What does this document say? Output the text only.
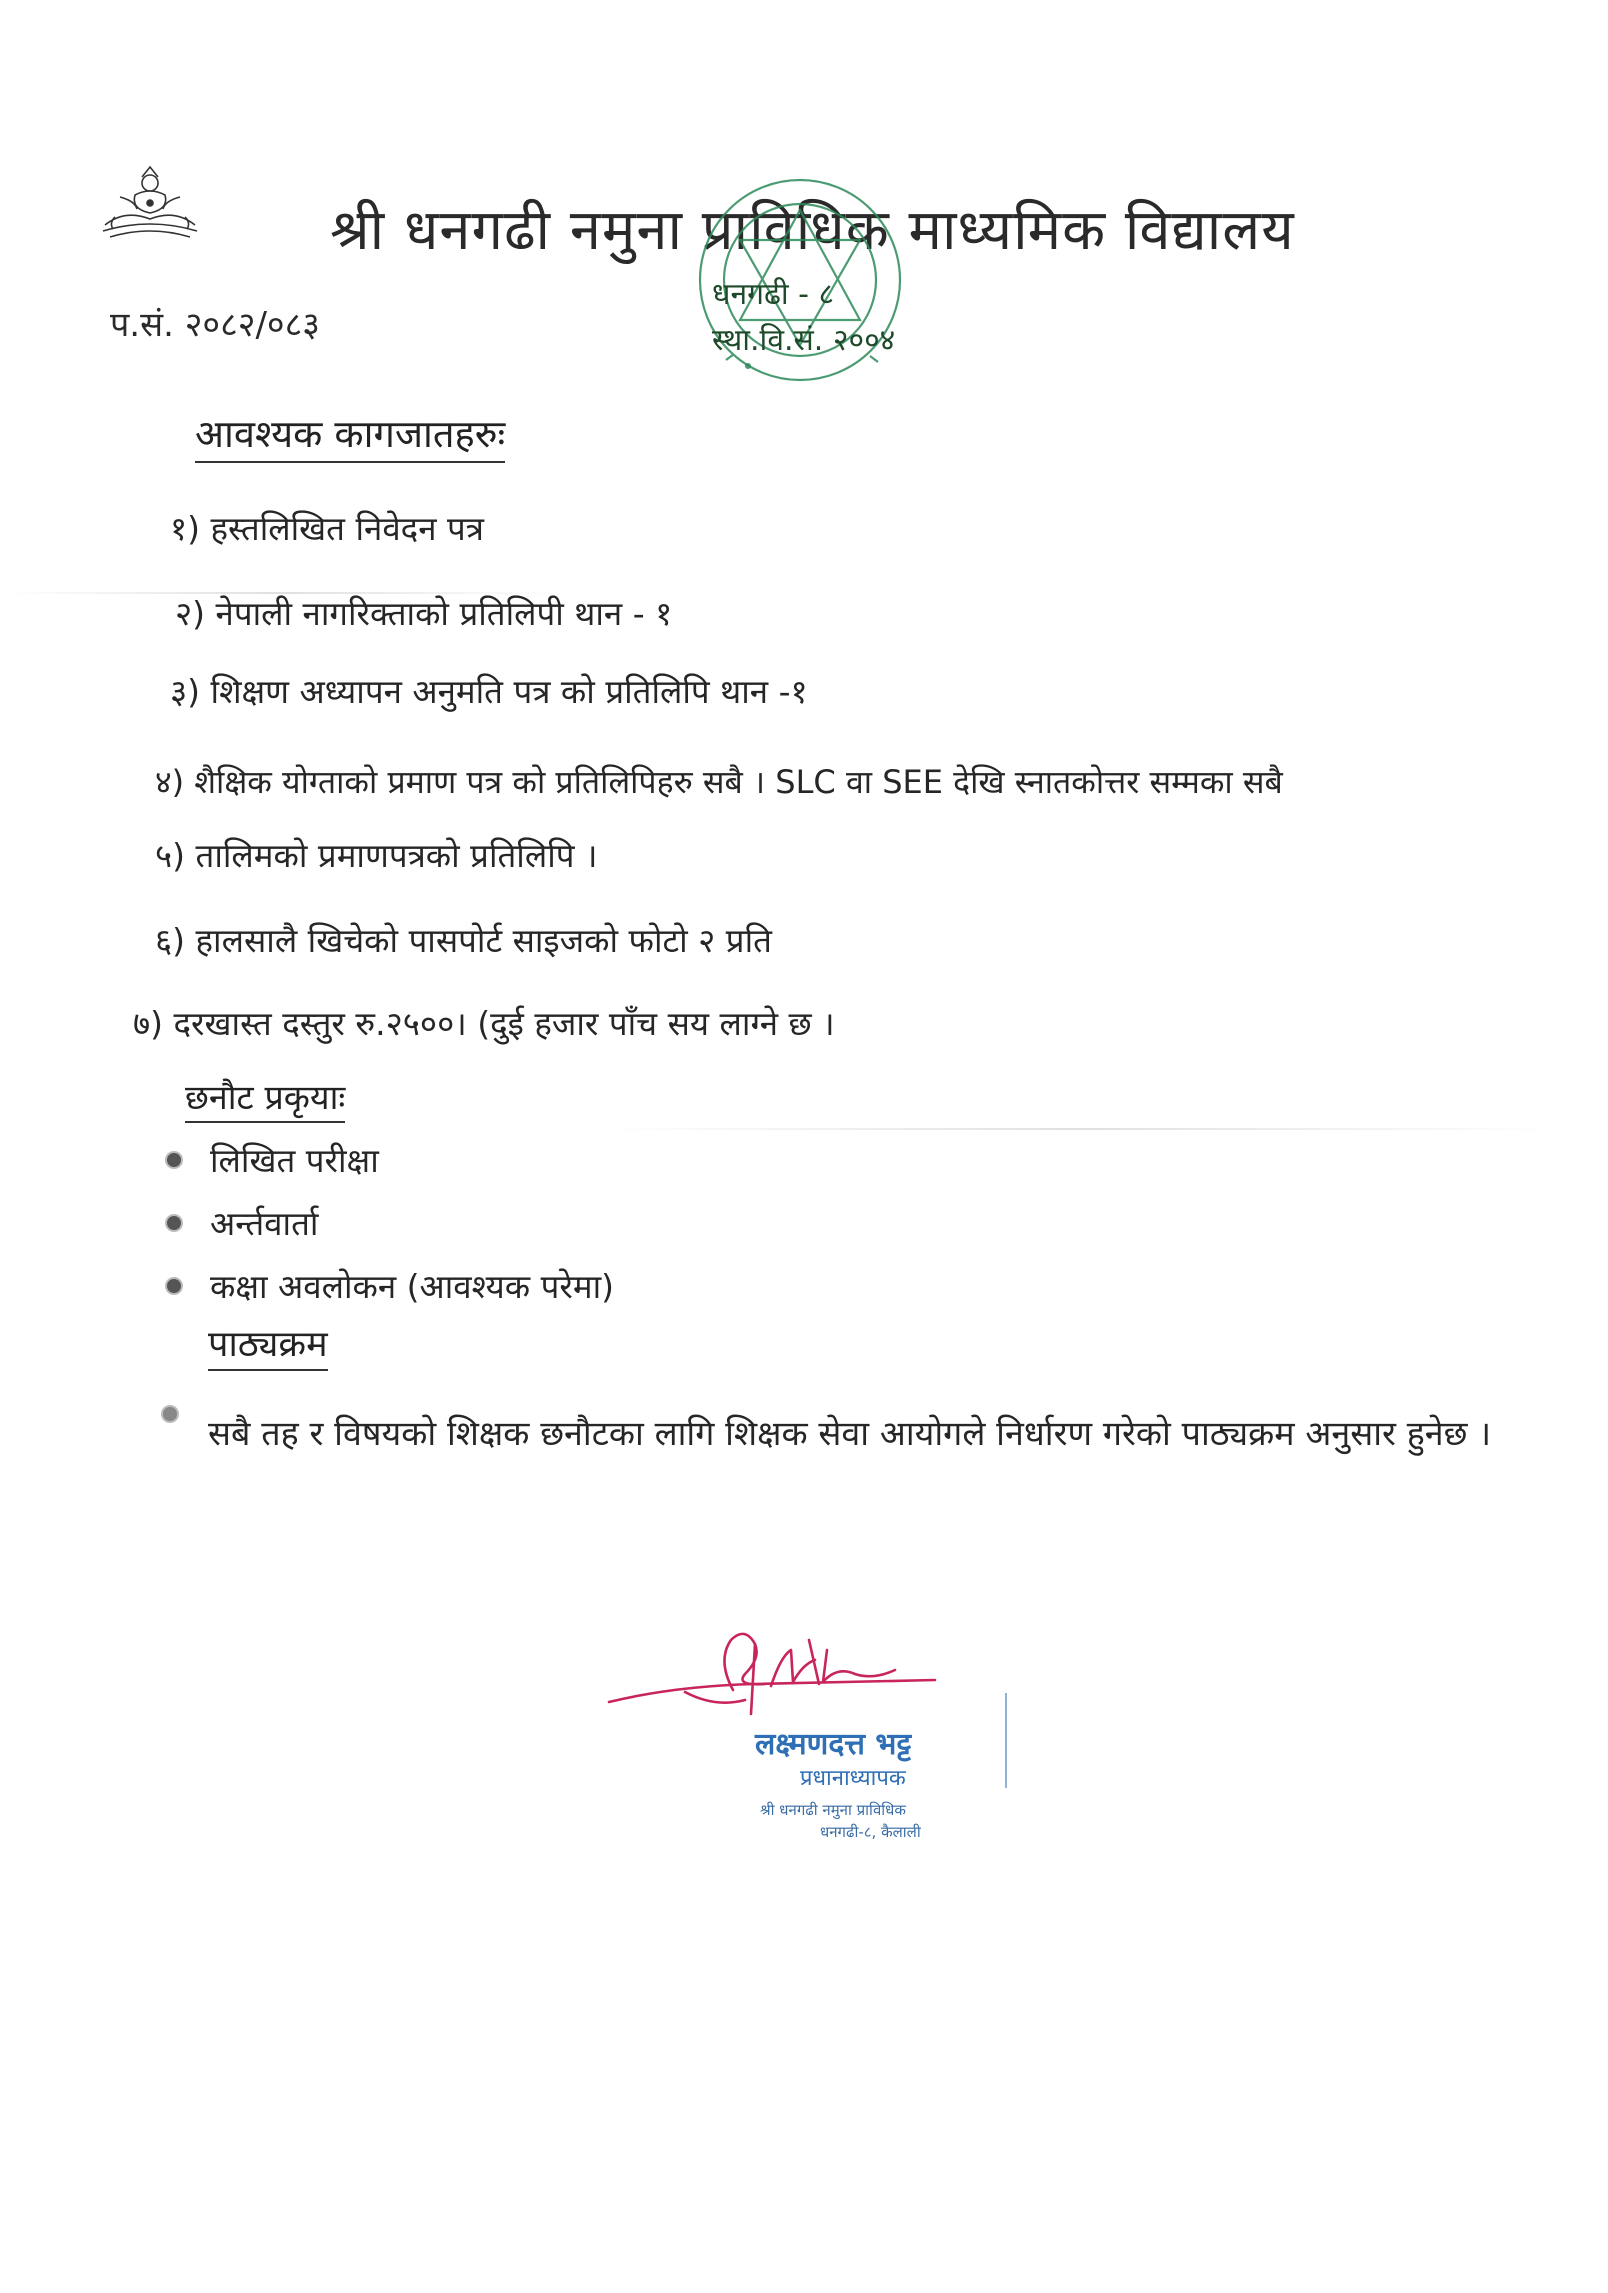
श्री धनगढी नमुना प्राविधिक माध्यमिक विद्यालय
धनगढी - ८
स्था.वि.सं. २००४
प.सं. २०८२/०८३
आवश्यक कागजातहरुः
१) हस्तलिखित निवेदन पत्र
२) नेपाली नागरिक्ताको प्रतिलिपी थान - १
३) शिक्षण अध्यापन अनुमति पत्र को प्रतिलिपि थान -१
४) शैक्षिक योग्ताको प्रमाण पत्र को प्रतिलिपिहरु सबै । SLC वा SEE देखि स्नातकोत्तर सम्मका सबै
५) तालिमको प्रमाणपत्रको प्रतिलिपि ।
६) हालसालै खिचेको पासपोर्ट साइजको फोटो २ प्रति
७) दरखास्त दस्तुर रु.२५००। (दुई हजार पाँच सय लाग्ने छ ।
छनौट प्रकृयाः
लिखित परीक्षा
अर्न्तवार्ता
कक्षा अवलोकन (आवश्यक परेमा)
पाठ्यक्रम
सबै तह र विषयको शिक्षक छनौटका लागि शिक्षक सेवा आयोगले निर्धारण गरेको पाठ्यक्रम अनुसार हुनेछ ।
लक्ष्मणदत्त भट्ट
प्रधानाध्यापक
श्री धनगढी नमुना प्राविधिक
धनगढी-८, कैलाली
